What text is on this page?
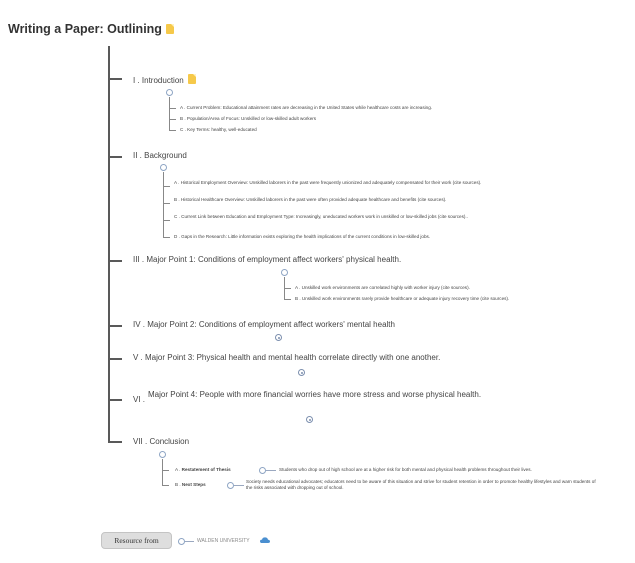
Writing a Paper: Outlining
I . Introduction
A . Current Problem: Educational attainment rates are decreasing in the United States while healthcare costs are increasing.
B . Population/Area of Focus: Unskilled or low-skilled adult workers
C . Key Terms: healthy, well-educated
II . Background
A . Historical Employment Overview: Unskilled laborers in the past were frequently unionized and adequately compensated for their work (cite sources).
B . Historical Healthcare Overview: Unskilled laborers in the past were often provided adequate healthcare and benefits (cite sources).
C . Current Link between Education and Employment Type: Increasingly, uneducated workers work in unskilled or low-skilled jobs (cite sources)..
D . Gaps in the Research: Little information exists exploring the health implications of the current conditions in low-skilled jobs.
III . Major Point 1: Conditions of employment affect workers' physical health.
A . Unskilled work environments are correlated highly with worker injury (cite sources).
B . Unskilled work environments rarely provide healthcare or adequate injury recovery time (cite sources).
IV . Major Point 2: Conditions of employment affect workers' mental health
V . Major Point 3: Physical health and mental health correlate directly with one another.
VI .
Major Point 4: People with more financial worries have more stress and worse physical health.
VII . Conclusion
A . Restatement of Thesis	Students who drop out of high school are at a higher risk for both mental and physical health problems throughout their lives.
B . Next Steps
Society needs educational advocates; educators need to be aware of this situation and strive for student retention in order to promote healthy lifestyles and warn students of the risks associated with dropping out of school.
Resource from	WALDEN UNIVERSITY
